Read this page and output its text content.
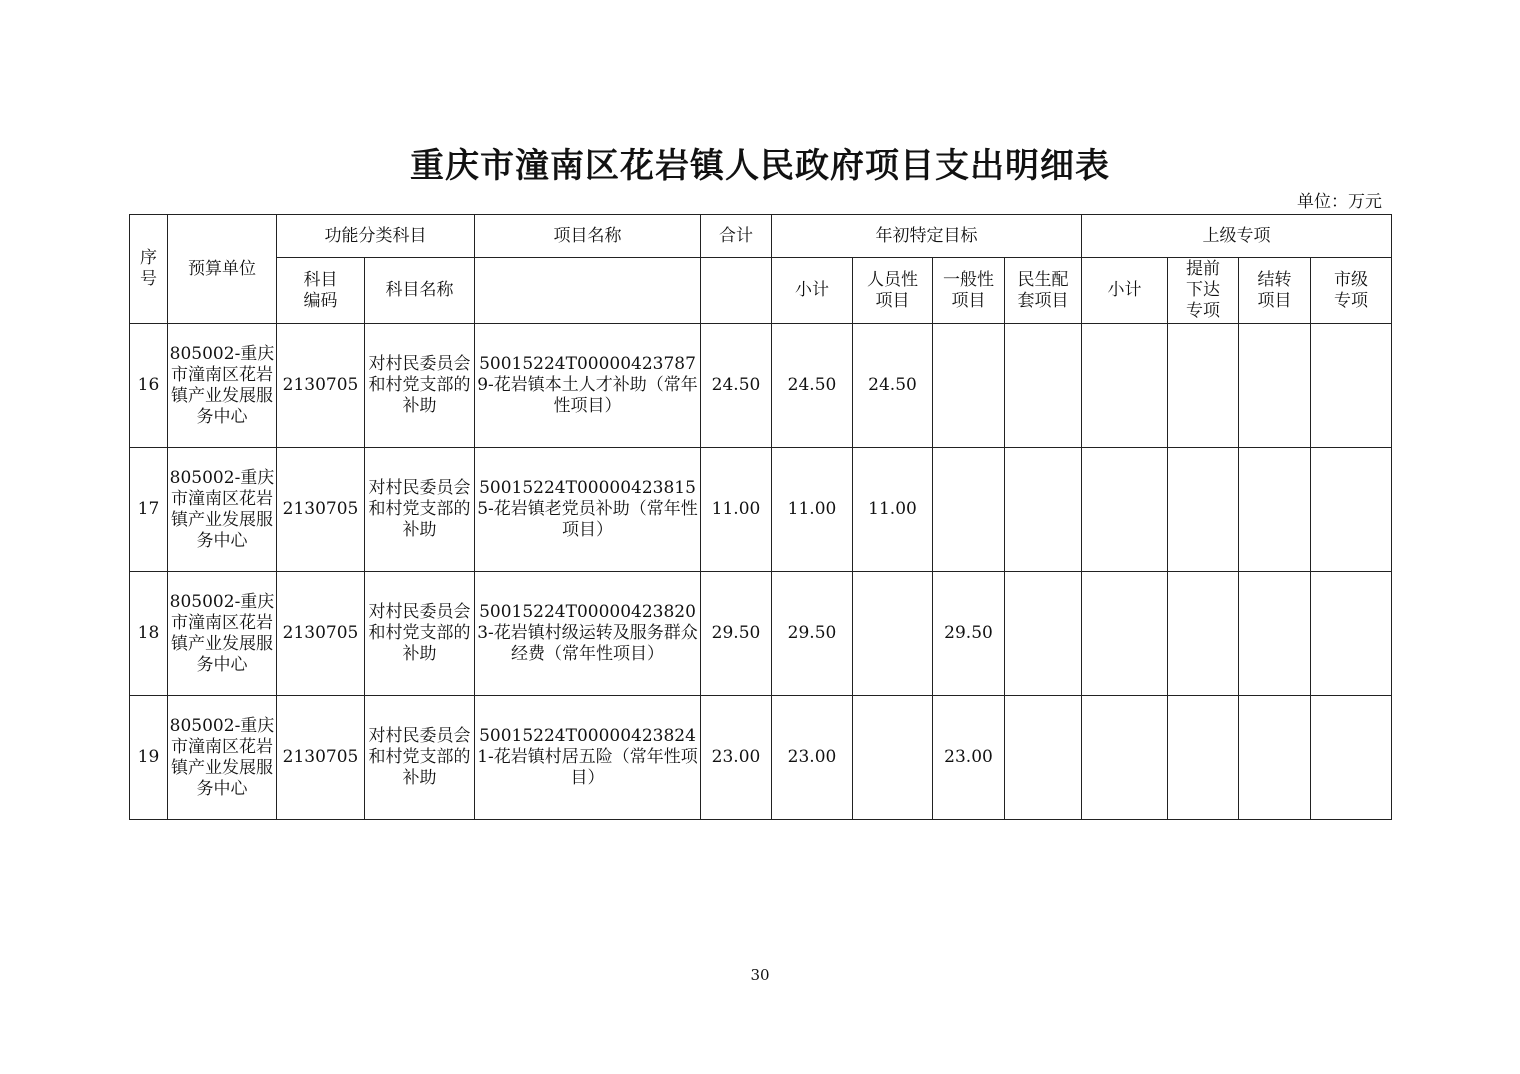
重庆市潼南区花岩镇人民政府项目支出明细表
单位：万元
序号	预算单位	功能分类科目		项目名称	合计	年初特定目标				上级专项			

		科目编码	科目名称			小计	人员性项目	一般性项目	民生配套项目	小计	提前下达专项	结转项目	市级专项

16	805002-重庆市潼南区花岩镇产业发展服务中心	2130705	对村民委员会和村党支部的补助	50015224T000004237879-花岩镇本土人才补助（常年性项目）	24.50	24.50	24.50						
17	805002-重庆市潼南区花岩镇产业发展服务中心	2130705	对村民委员会和村党支部的补助	50015224T000004238155-花岩镇老党员补助（常年性项目）	11.00	11.00	11.00						
18	805002-重庆市潼南区花岩镇产业发展服务中心	2130705	对村民委员会和村党支部的补助	50015224T000004238203-花岩镇村级运转及服务群众经费（常年性项目）	29.50	29.50		29.50					
19	805002-重庆市潼南区花岩镇产业发展服务中心	2130705	对村民委员会和村党支部的补助	50015224T000004238241-花岩镇村居五险（常年性项目）	23.00	23.00		23.00					
30
